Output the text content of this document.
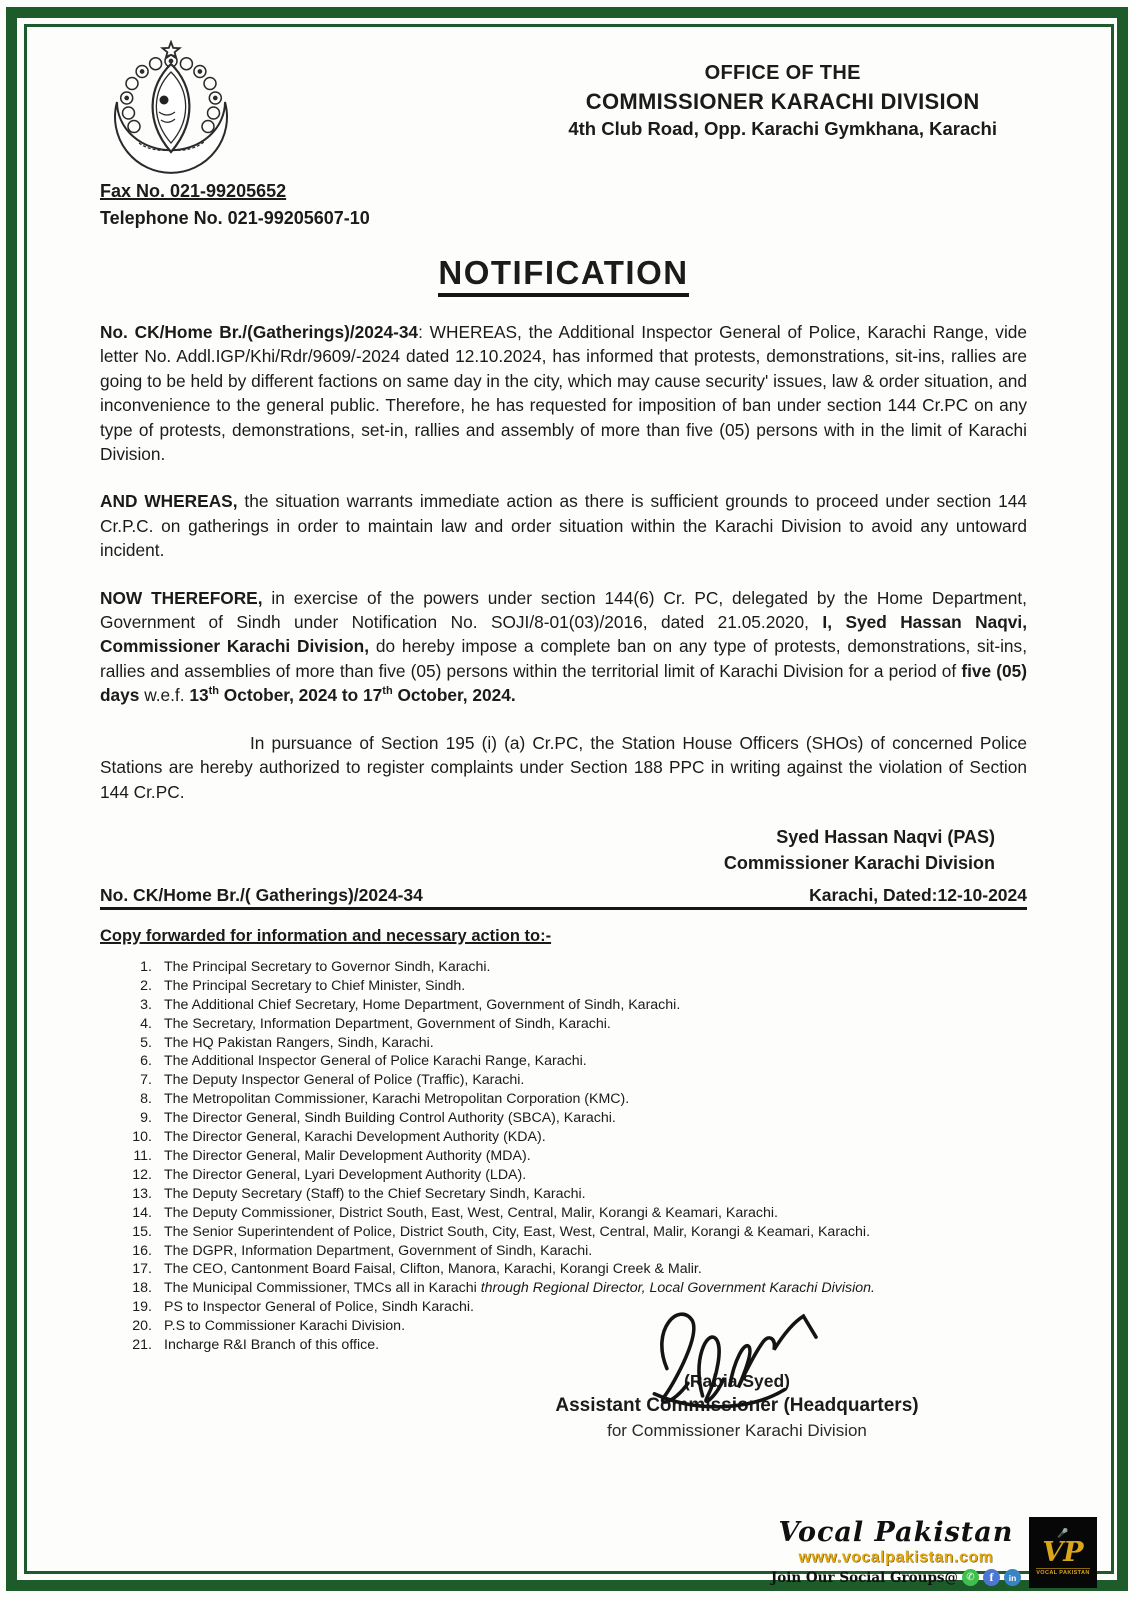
OFFICE OF THE
COMMISSIONER KARACHI DIVISION
4th Club Road, Opp. Karachi Gymkhana, Karachi
Fax No. 021-99205652
Telephone No. 021-99205607-10
NOTIFICATION

No. CK/Home Br./(Gatherings)/2024-34: WHEREAS, the Additional Inspector General of Police, Karachi Range, vide letter No. Addl.IGP/Khi/Rdr/9609/-2024 dated 12.10.2024, has informed that protests, demonstrations, sit-ins, rallies are going to be held by different factions on same day in the city, which may cause security' issues, law & order situation, and inconvenience to the general public. Therefore, he has requested for imposition of ban under section 144 Cr.PC on any type of protests, demonstrations, set-in, rallies and assembly of more than five (05) persons with in the limit of Karachi Division.

AND WHEREAS, the situation warrants immediate action as there is sufficient grounds to proceed under section 144 Cr.P.C. on gatherings in order to maintain law and order situation within the Karachi Division to avoid any untoward incident.

NOW THEREFORE, in exercise of the powers under section 144(6) Cr. PC, delegated by the Home Department, Government of Sindh under Notification No. SOJI/8-01(03)/2016, dated 21.05.2020, I, Syed Hassan Naqvi, Commissioner Karachi Division, do hereby impose a complete ban on any type of protests, demonstrations, sit-ins, rallies and assemblies of more than five (05) persons within the territorial limit of Karachi Division for a period of five (05) days w.e.f. 13th October, 2024 to 17th October, 2024.

In pursuance of Section 195 (i) (a) Cr.PC, the Station House Officers (SHOs) of concerned Police Stations are hereby authorized to register complaints under Section 188 PPC in writing against the violation of Section 144 Cr.PC.

Syed Hassan Naqvi (PAS)
Commissioner Karachi Division
No. CK/Home Br./( Gatherings)/2024-34	Karachi, Dated:12-10-2024
Copy forwarded for information and necessary action to:-
1. The Principal Secretary to Governor Sindh, Karachi.
2. The Principal Secretary to Chief Minister, Sindh.
3. The Additional Chief Secretary, Home Department, Government of Sindh, Karachi.
4. The Secretary, Information Department, Government of Sindh, Karachi.
5. The HQ Pakistan Rangers, Sindh, Karachi.
6. The Additional Inspector General of Police Karachi Range, Karachi.
7. The Deputy Inspector General of Police (Traffic), Karachi.
8. The Metropolitan Commissioner, Karachi Metropolitan Corporation (KMC).
9. The Director General, Sindh Building Control Authority (SBCA), Karachi.
10. The Director General, Karachi Development Authority (KDA).
11. The Director General, Malir Development Authority (MDA).
12. The Director General, Lyari Development Authority (LDA).
13. The Deputy Secretary (Staff) to the Chief Secretary Sindh, Karachi.
14. The Deputy Commissioner, District South, East, West, Central, Malir, Korangi & Keamari, Karachi.
15. The Senior Superintendent of Police, District South, City, East, West, Central, Malir, Korangi & Keamari, Karachi.
16. The DGPR, Information Department, Government of Sindh, Karachi.
17. The CEO, Cantonment Board Faisal, Clifton, Manora, Karachi, Korangi Creek & Malir.
18. The Municipal Commissioner, TMCs all in Karachi through Regional Director, Local Government Karachi Division.
19. PS to Inspector General of Police, Sindh Karachi.
20. P.S to Commissioner Karachi Division.
21. Incharge R&I Branch of this office.
(Rabia Syed)
Assistant Commissioner (Headquarters)
for Commissioner Karachi Division
Vocal Pakistan
www.vocalpakistan.com
Join Our Social Groups@ ✆	f	in
🎤
VP
VOCAL PAKISTAN
